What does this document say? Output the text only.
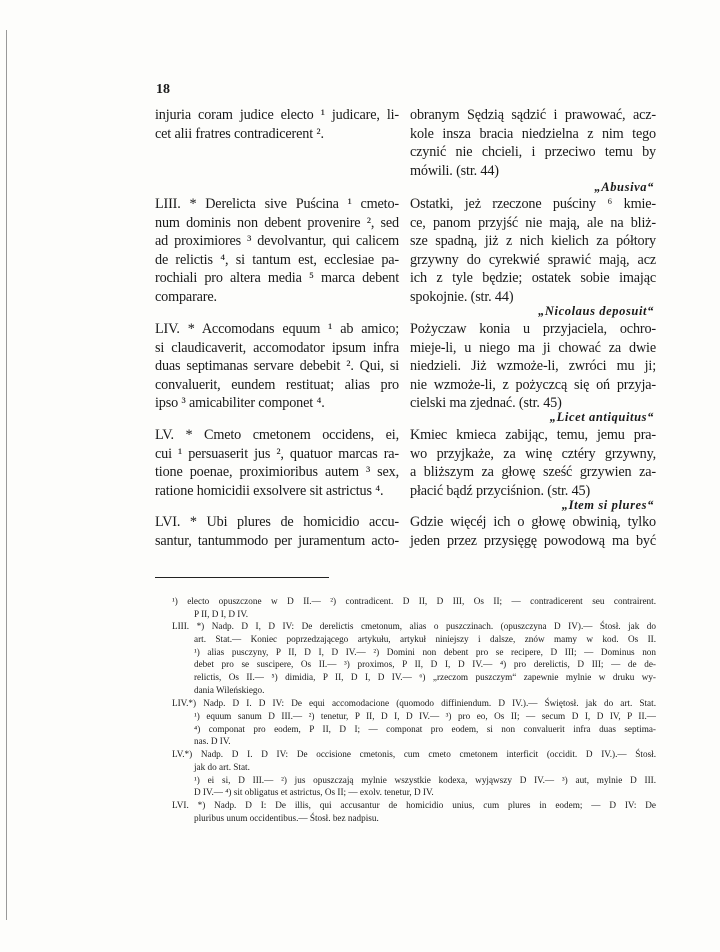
18
injuria coram judice electo ¹ judicare, li-
cet alii fratres contradicerent ².
obranym Sędzią sądzić i prawować, acz-
kole insza bracia niedzielna z nim tego
czynić nie chcieli, i przeciwo temu by
mówili. (str. 44)
„Abusiva“
LIII. * Derelicta sive Puścina ¹ cmeto-
num dominis non debent provenire ², sed
ad proximiores ³ devolvantur, qui calicem
de relictis ⁴, si tantum est, ecclesiae pa-
rochiali pro altera media ⁵ marca debent
comparare.
Ostatki, jeż rzeczone puściny ⁶ kmie-
ce, panom przyjść nie mają, ale na bliż-
sze spadną, jiż z nich kielich za półtory
grzywny do cyrekwié sprawić mają, acz
ich z tyle będzie; ostatek sobie imając
spokojnie. (str. 44)
„Nicolaus deposuit“
LIV. * Accomodans equum ¹ ab amico;
si claudicaverit, accomodator ipsum infra
duas septimanas servare debebit ². Qui, si
convaluerit, eundem restituat; alias pro
ipso ³ amicabiliter componet ⁴.
Pożyczaw konia u przyjaciela, ochro-
mieje-li, u niego ma ji chować za dwie
niedzieli. Jiż wzmoże-li, zwróci mu ji;
nie wzmoże-li, z pożyczcą się oń przyja-
cielski ma zjednać. (str. 45)
„Licet antiquitus“
LV. * Cmeto cmetonem occidens, ei,
cui ¹ persuaserit jus ², quatuor marcas ra-
tione poenae, proximioribus autem ³ sex,
ratione homicidii exsolvere sit astrictus ⁴.
Kmiec kmieca zabijąc, temu, jemu pra-
wo przyjkaże, za winę cztéry grzywny,
a bliższym za głowę sześć grzywien za-
płacić bądź przyciśnion. (str. 45)
„Item si plures“
LVI. * Ubi plures de homicidio accu-
santur, tantummodo per juramentum acto-
Gdzie więcéj ich o głowę obwinią, tylko
jeden przez przysięgę powodową ma być
¹) electo opuszczone w D II.— ²) contradicent. D II, D III, Os II; — contradicerent seu contrairent.
P II, D I, D IV.
LIII. *) Nadp. D I, D IV: De derelictis cmetonum, alias o puszczinach. (opuszczyna D IV).— Śtosł. jak do
art. Stat.— Koniec poprzedzającego artykułu, artykuł niniejszy i dalsze, znów mamy w kod. Os II.
¹) alias pusczyny, P II, D I, D IV.— ²) Domini non debent pro se recipere, D III; — Dominus non
debet pro se suscipere, Os II.— ³) proximos, P II, D I, D IV.— ⁴) pro derelictis, D III; — de de-
relictis, Os II.— ⁵) dimidia, P II, D I, D IV.— ⁶) „rzeczom puszczym“ zapewnie mylnie w druku wy-
dania Wileńskiego.
LIV.*) Nadp. D I. D IV: De equi accomodacione (quomodo diffiniendum. D IV.).— Świętosł. jak do art. Stat.
¹) equum sanum D III.— ²) tenetur, P II, D I, D IV.— ³) pro eo, Os II; — secum D I, D IV, P II.—
⁴) componat pro eodem, P II, D I; — componat pro eodem, si non convaluerit infra duas septima-
nas. D IV.
LV.*) Nadp. D I. D IV: De occisione cmetonis, cum cmeto cmetonem interficit (occidit. D IV.).— Śtosł.
jak do art. Stat.
¹) ei si, D III.— ²) jus opuszczają mylnie wszystkie kodexa, wyjąwszy D IV.— ³) aut, mylnie D III.
D IV.— ⁴) sit obligatus et astrictus, Os II; — exolv. tenetur, D IV.
LVI. *) Nadp. D I: De illis, qui accusantur de homicidio unius, cum plures in eodem; — D IV: De
pluribus unum occidentibus.— Śtosł. bez nadpisu.
